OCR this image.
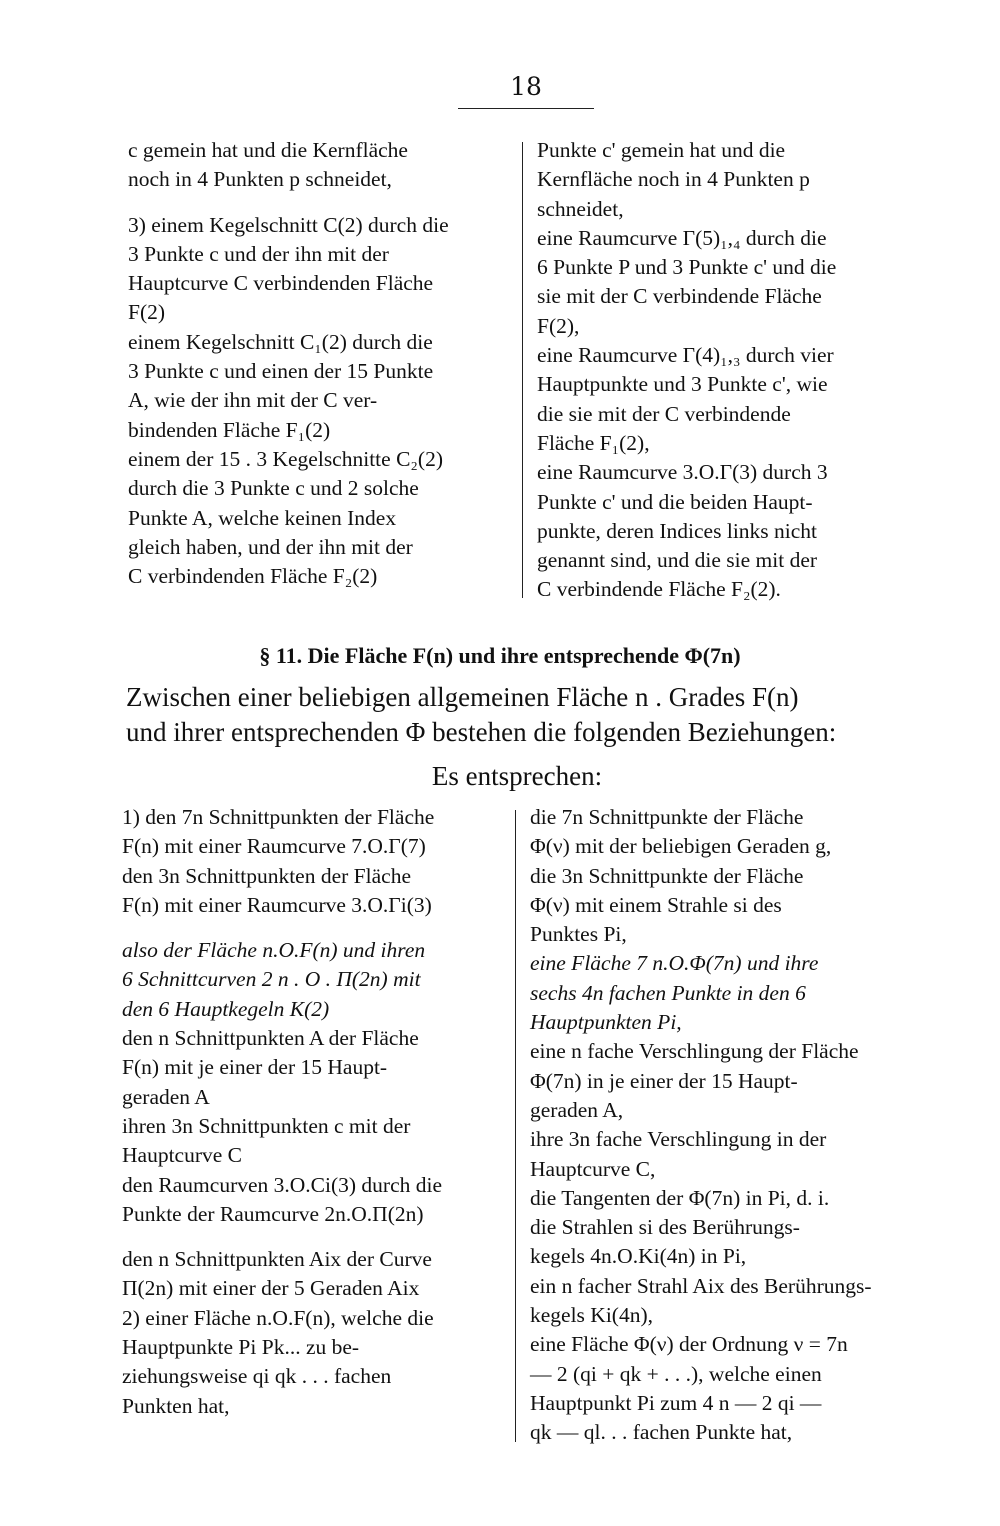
18
c gemein hat und die Kernfläche
noch in 4 Punkten p schneidet,
3) einem Kegelschnitt C(2) durch die
3 Punkte c und der ihn mit der
Hauptcurve C verbindenden Fläche
F(2)
einem Kegelschnitt C₁(2) durch die
3 Punkte c und einen der 15 Punkte
A, wie der ihn mit der C ver-
bindenden Fläche F₁(2)
einem der 15 . 3 Kegelschnitte C₂(2)
durch die 3 Punkte c und 2 solche
Punkte A, welche keinen Index
gleich haben, und der ihn mit der
C verbindenden Fläche F₂(2)
Punkte c' gemein hat und die
Kernfläche noch in 4 Punkten p
schneidet,
eine Raumcurve Γ(5)₁,₄ durch die
6 Punkte P und 3 Punkte c' und die
sie mit der C verbindende Fläche
F(2),
eine Raumcurve Γ(4)₁,₃ durch vier
Hauptpunkte und 3 Punkte c', wie
die sie mit der C verbindende
Fläche F₁(2),
eine Raumcurve 3.O.Γ(3) durch 3
Punkte c' und die beiden Haupt-
punkte, deren Indices links nicht
genannt sind, und die sie mit der
C verbindende Fläche F₂(2).
§ 11. Die Fläche F(n) und ihre entsprechende Φ(7n)
Zwischen einer beliebigen allgemeinen Fläche n . Grades F(n)
und ihrer entsprechenden Φ bestehen die folgenden Beziehungen:
Es entsprechen:
1) den 7n Schnittpunkten der Fläche
F(n) mit einer Raumcurve 7.O.Γ(7)
den 3n Schnittpunkten der Fläche
F(n) mit einer Raumcurve 3.O.Γi(3)
also der Fläche n.O.F(n) und ihren
6 Schnittcurven 2 n . O . Π(2n) mit
den 6 Hauptkegeln K(2)
den n Schnittpunkten A der Fläche
F(n) mit je einer der 15 Haupt-
geraden A
ihren 3n Schnittpunkten c mit der
Hauptcurve C
den Raumcurven 3.O.Ci(3) durch die
Punkte der Raumcurve 2n.O.Π(2n)
den n Schnittpunkten Aix der Curve
Π(2n) mit einer der 5 Geraden Aix
2) einer Fläche n.O.F(n), welche die
Hauptpunkte Pi Pk... zu be-
ziehungsweise qi qk . . . fachen
Punkten hat,
die 7n Schnittpunkte der Fläche
Φ(ν) mit der beliebigen Geraden g,
die 3n Schnittpunkte der Fläche
Φ(ν) mit einem Strahle si des
Punktes Pi,
eine Fläche 7 n.O.Φ(7n) und ihre
sechs 4n fachen Punkte in den 6
Hauptpunkten Pi,
eine n fache Verschlingung der Fläche
Φ(7n) in je einer der 15 Haupt-
geraden A,
ihre 3n fache Verschlingung in der
Hauptcurve C,
die Tangenten der Φ(7n) in Pi, d. i.
die Strahlen si des Berührungs-
kegels 4n.O.Ki(4n) in Pi,
ein n facher Strahl Aix des Berührungs-
kegels Ki(4n),
eine Fläche Φ(ν) der Ordnung ν = 7n
— 2 (qi + qk + . . .), welche einen
Hauptpunkt Pi zum 4 n — 2 qi —
qk — ql. . . fachen Punkte hat,
